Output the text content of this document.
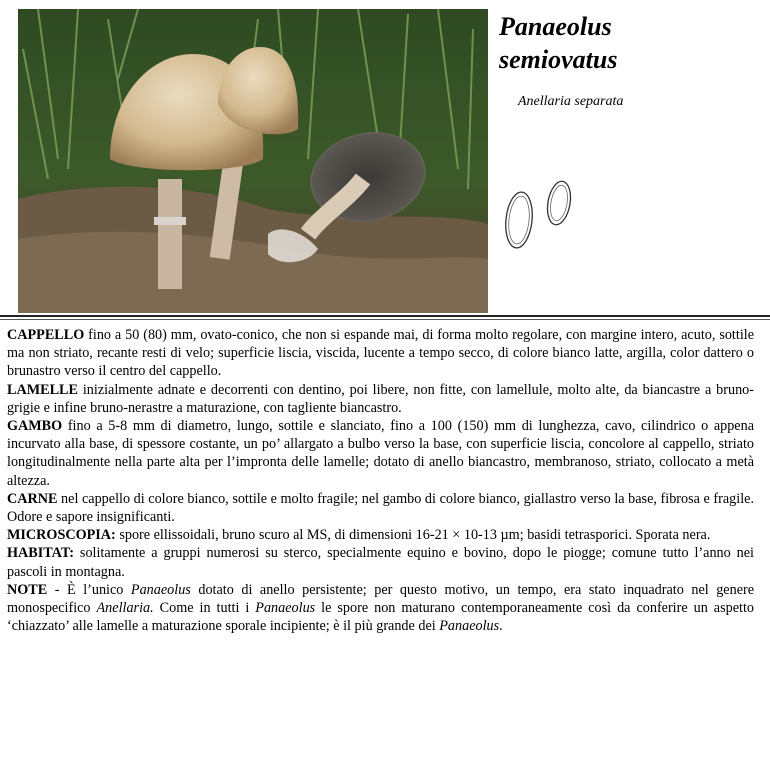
Panaeolus
semiovatus
Anellaria separata

CAPPELLO fino a 50 (80) mm, ovato-conico, che non si espande mai, di forma molto regolare, con margine intero, acuto, sottile ma non striato, recante resti di velo; superficie liscia, viscida, lucente a tempo secco, di colore bianco latte, argilla, color dattero o brunastro verso il centro del cappello.

LAMELLE inizialmente adnate e decorrenti con dentino, poi libere, non fitte, con lamellule, molto alte, da biancastre a bruno-grigie e infine bruno-nerastre a maturazione, con tagliente biancastro.

GAMBO fino a 5-8 mm di diametro, lungo, sottile e slanciato, fino a 100 (150) mm di lunghezza, cavo, cilindrico o appena incurvato alla base, di spessore costante, un po’ allargato a bulbo verso la base, con superficie liscia, concolore al cappello, striato longitudinalmente nella parte alta per l’impronta delle lamelle; dotato di anello biancastro, membranoso, striato, collocato a metà altezza.

CARNE nel cappello di colore bianco, sottile e molto fragile; nel gambo di colore bianco, giallastro verso la base, fibrosa e fragile. Odore e sapore insignificanti.

MICROSCOPIA: spore ellissoidali, bruno scuro al MS, di dimensioni 16-21 × 10-13 µm; basidi tetrasporici. Sporata nera.

HABITAT: solitamente a gruppi numerosi su sterco, specialmente equino e bovino, dopo le piogge; comune tutto l’anno nei pascoli in montagna.

NOTE - È l’unico Panaeolus dotato di anello persistente; per questo motivo, un tempo, era stato inquadrato nel genere monospecifico Anellaria. Come in tutti i Panaeolus le spore non maturano contemporaneamente così da conferire un aspetto ‘chiazzato’ alle lamelle a maturazione sporale incipiente; è il più grande dei Panaeolus.
